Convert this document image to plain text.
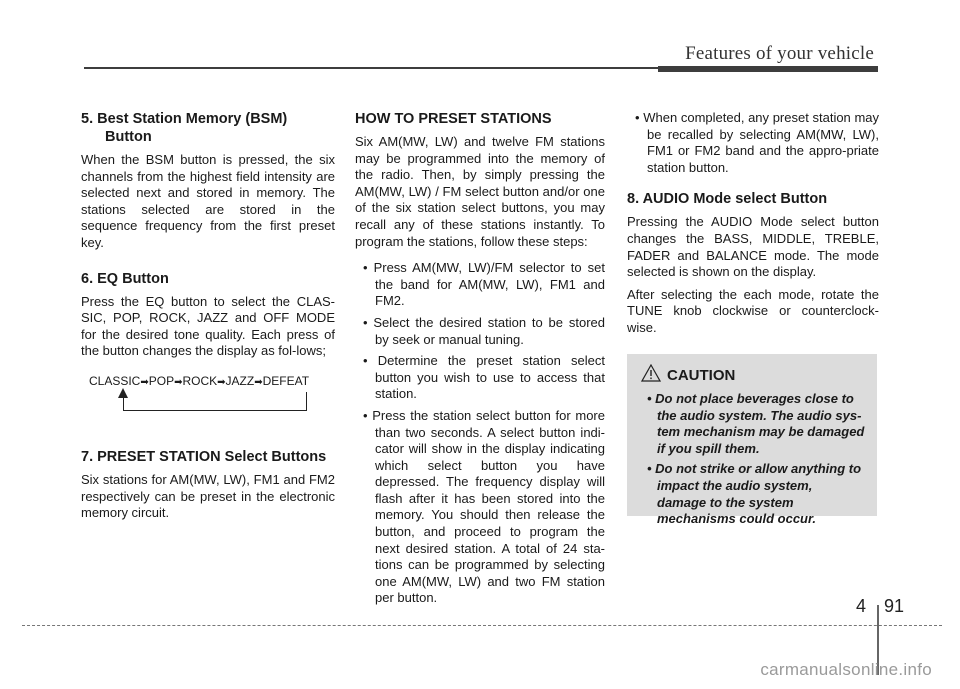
Features of your vehicle
5. Best Station Memory (BSM) Button

When the BSM button is pressed, the six channels from the highest field intensity are selected next and stored in memory. The stations selected are stored in the sequence frequency from the first preset key.

6. EQ Button

Press the EQ button to select the CLAS-SIC, POP, ROCK, JAZZ and OFF MODE for the desired tone quality. Each press of the button changes the display as fol-lows;

CLASSIC➡POP➡ROCK➡JAZZ➡DEFEAT
7. PRESET STATION Select Buttons

Six stations for AM(MW, LW), FM1 and FM2 respectively can be preset in the electronic memory circuit.

HOW TO PRESET STATIONS

Six AM(MW, LW) and twelve FM stations may be programmed into the memory of the radio. Then, by simply pressing the AM(MW, LW) / FM select button and/or one of the six station select buttons, you may recall any of these stations instantly. To program the stations, follow these steps:

• Press AM(MW, LW)/FM selector to set the band for AM(MW, LW), FM1 and FM2.
• Select the desired station to be stored by seek or manual tuning.
• Determine the preset station select button you wish to use to access that station.
• Press the station select button for more than two seconds. A select button indi-cator will show in the display indicating which select button you have depressed. The frequency display will flash after it has been stored into the memory. You should then release the button, and proceed to program the next desired station. A total of 24 sta-tions can be programmed by selecting one AM(MW, LW) and two FM station per button.
• When completed, any preset station may be recalled by selecting AM(MW, LW), FM1 or FM2 band and the appro-priate station button.
8. AUDIO Mode select Button

Pressing the AUDIO Mode select button changes the BASS, MIDDLE, TREBLE, FADER and BALANCE mode. The mode selected is shown on the display.

After selecting the each mode, rotate the TUNE knob clockwise or counterclock-wise.

CAUTION
• Do not place beverages close to the audio system. The audio sys-tem mechanism may be damaged if you spill them.
• Do not strike or allow anything to impact the audio system, damage to the system mechanisms could occur.
4 91
carmanualsonline.info
